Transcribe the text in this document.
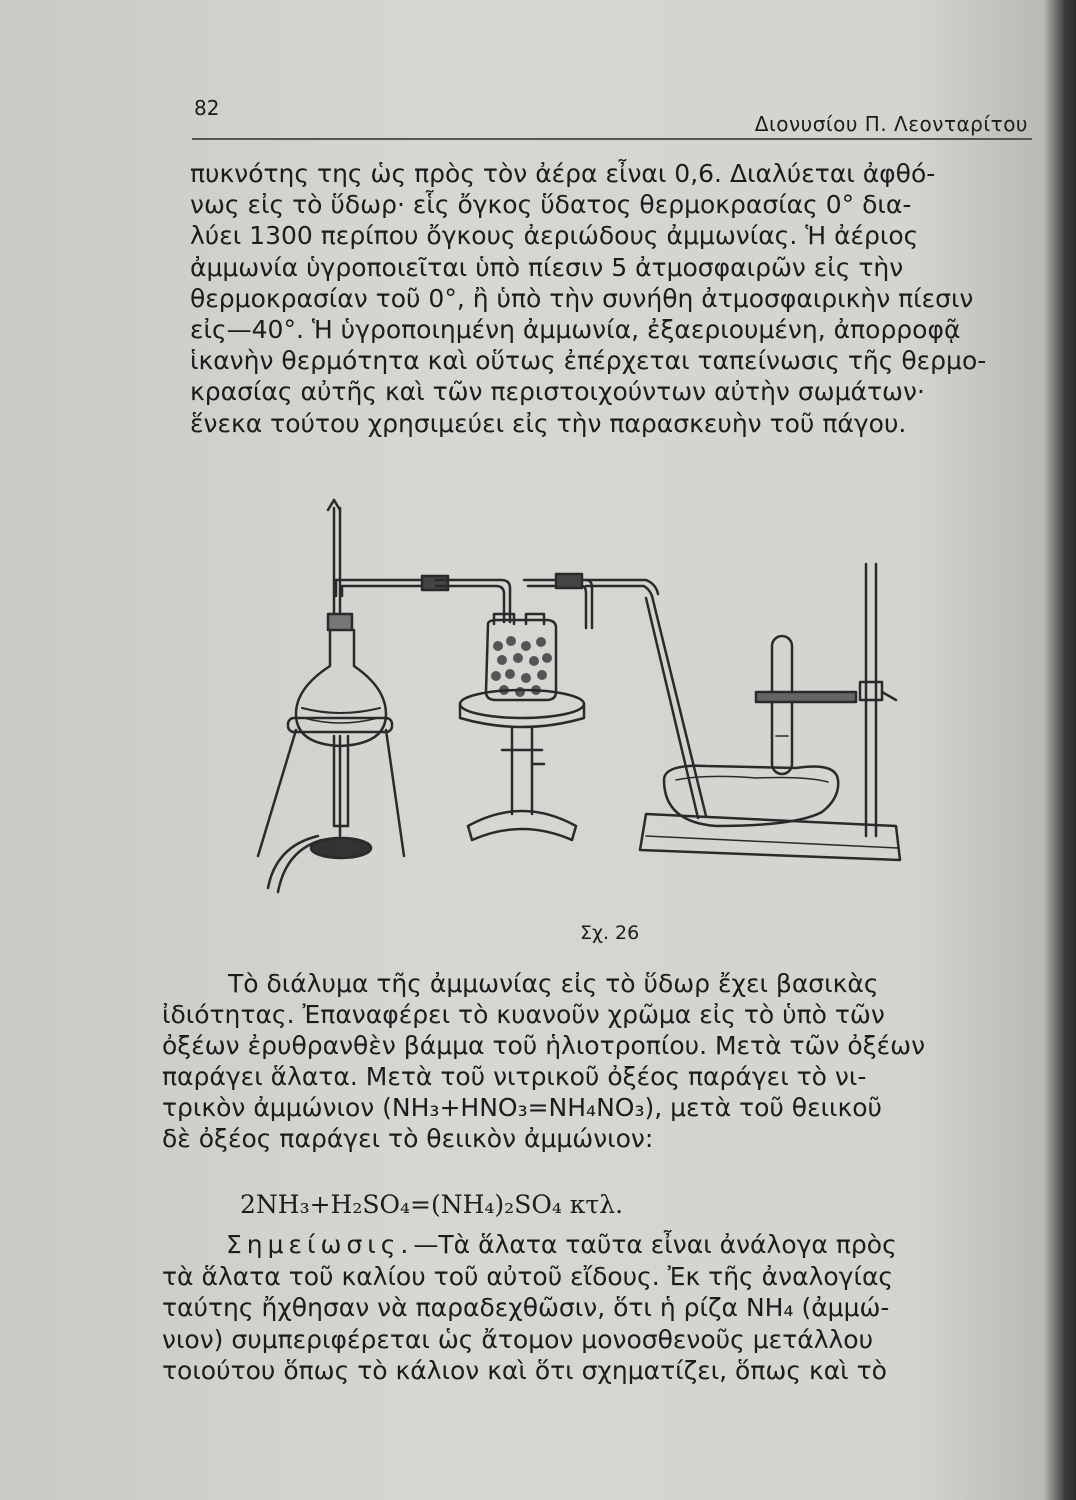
82
Διονυσίου Π. Λεονταρίτου

πυκνότης της ὡς πρὸς τὸν ἀέρα εἶναι 0,6. Διαλύεται ἀφθό-
νως εἰς τὸ ὕδωρ· εἷς ὄγκος ὕδατος θερμοκρασίας 0° δια-
λύει 1300 περίπου ὄγκους ἀεριώδους ἀμμωνίας. Ἡ ἀέριος
ἀμμωνία ὑγροποιεῖται ὑπὸ πίεσιν 5 ἀτμοσφαιρῶν εἰς τὴν
θερμοκρασίαν τοῦ 0°, ἢ ὑπὸ τὴν συνήθη ἀτμοσφαιρικὴν πίεσιν
εἰς—40°. Ἡ ὑγροποιημένη ἀμμωνία, ἐξαεριουμένη, ἀπορροφᾷ
ἱκανὴν θερμότητα καὶ οὕτως ἐπέρχεται ταπείνωσις τῆς θερμο-
κρασίας αὐτῆς καὶ τῶν περιστοιχούντων αὐτὴν σωμάτων·
ἕνεκα τούτου χρησιμεύει εἰς τὴν παρασκευὴν τοῦ πάγου.

Σχ. 26

Τὸ διάλυμα τῆς ἀμμωνίας εἰς τὸ ὕδωρ ἔχει βασικὰς
ἰδιότητας. Ἐπαναφέρει τὸ κυανοῦν χρῶμα εἰς τὸ ὑπὸ τῶν
ὀξέων ἐρυθρανθὲν βάμμα τοῦ ἡλιοτροπίου. Μετὰ τῶν ὀξέων
παράγει ἅλατα. Μετὰ τοῦ νιτρικοῦ ὀξέος παράγει τὸ νι-
τρικὸν ἀμμώνιον (NH₃+HNO₃=NH₄NO₃), μετὰ τοῦ θειικοῦ
δὲ ὀξέος παράγει τὸ θειικὸν ἀμμώνιον:

2NH₃+H₂SO₄=(NH₄)₂SO₄ κτλ.

Σημείωσις.—Τὰ ἅλατα ταῦτα εἶναι ἀνάλογα πρὸς
τὰ ἅλατα τοῦ καλίου τοῦ αὐτοῦ εἴδους. Ἐκ τῆς ἀναλογίας
ταύτης ἤχθησαν νὰ παραδεχθῶσιν, ὅτι ἡ ρίζα NH₄ (ἀμμώ-
νιον) συμπεριφέρεται ὡς ἄτομον μονοσθενοῦς μετάλλου
τοιούτου ὅπως τὸ κάλιον καὶ ὅτι σχηματίζει, ὅπως καὶ τὸ
